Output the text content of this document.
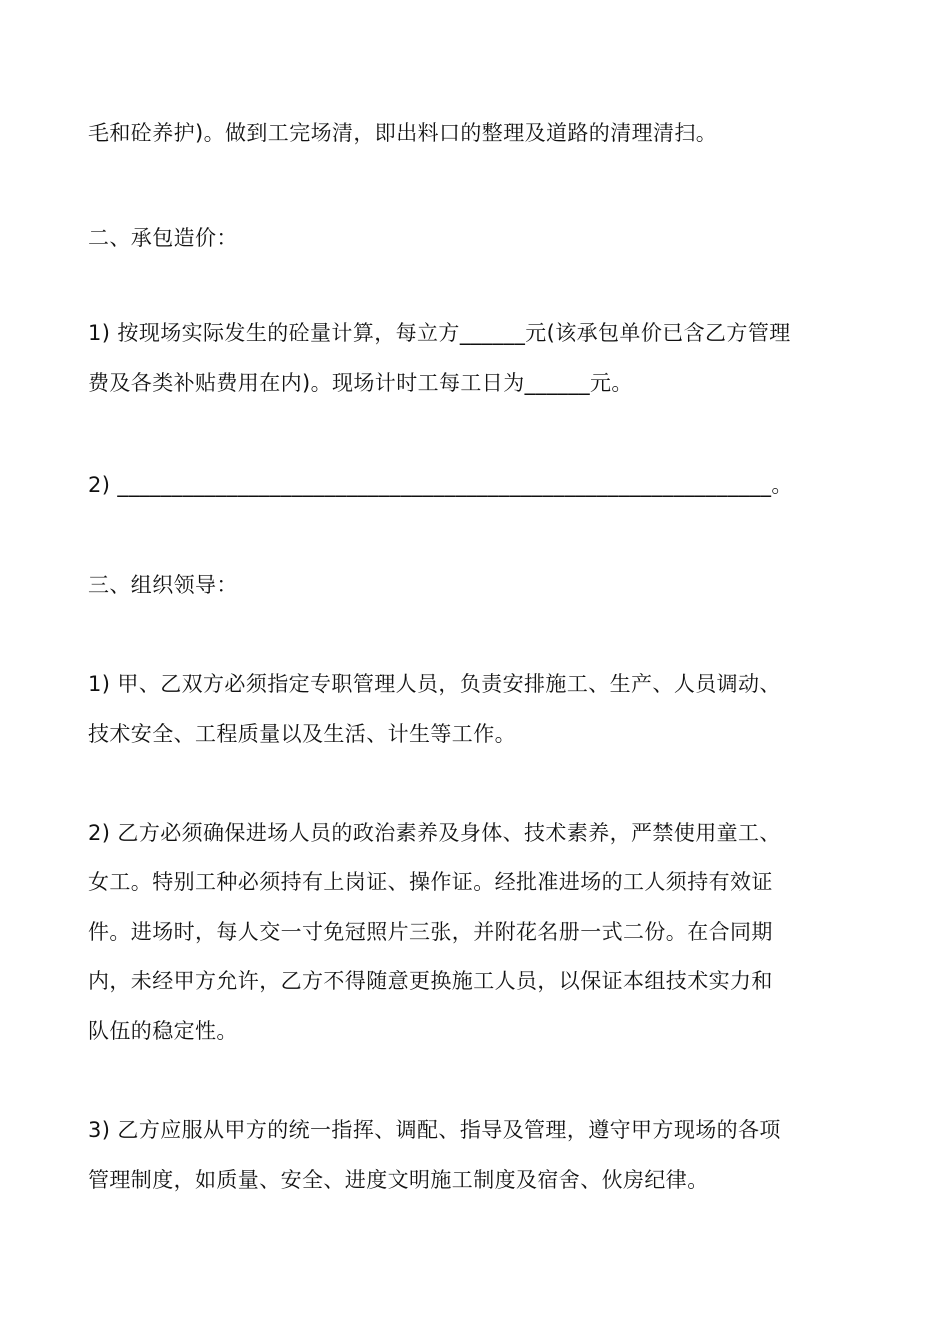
毛和砼养护)。做到工完场清，即出料口的整理及道路的清理清扫。
二、承包造价：
1) 按现场实际发生的砼量计算，每立方______元(该承包单价已含乙方管理
费及各类补贴费用在内)。现场计时工每工日为______元。
2) ____________________________________________________________。
三、组织领导：
1) 甲、乙双方必须指定专职管理人员，负责安排施工、生产、人员调动、
技术安全、工程质量以及生活、计生等工作。
2) 乙方必须确保进场人员的政治素养及身体、技术素养，严禁使用童工、
女工。特别工种必须持有上岗证、操作证。经批准进场的工人须持有效证
件。进场时，每人交一寸免冠照片三张，并附花名册一式二份。在合同期
内，未经甲方允许，乙方不得随意更换施工人员，以保证本组技术实力和
队伍的稳定性。
3) 乙方应服从甲方的统一指挥、调配、指导及管理，遵守甲方现场的各项
管理制度，如质量、安全、进度文明施工制度及宿舍、伙房纪律。
